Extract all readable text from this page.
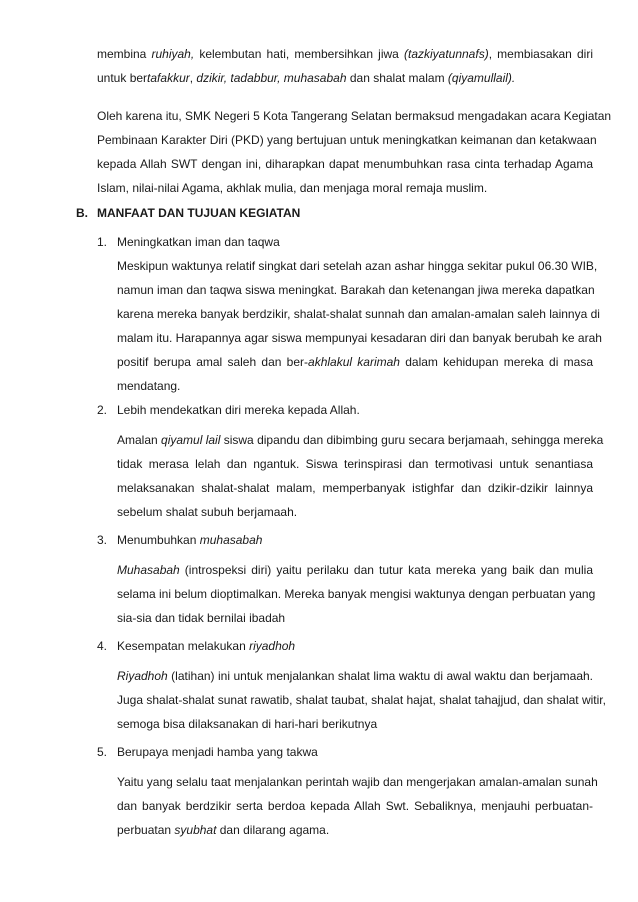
membina ruhiyah, kelembutan hati, membersihkan jiwa (tazkiyatunnafs), membiasakan diri
untuk bertafakkur, dzikir, tadabbur, muhasabah dan shalat malam (qiyamullail).
Oleh karena itu, SMK Negeri 5 Kota Tangerang Selatan bermaksud mengadakan acara Kegiatan
Pembinaan Karakter Diri (PKD) yang bertujuan untuk meningkatkan keimanan dan ketakwaan
kepada Allah SWT dengan ini, diharapkan dapat menumbuhkan rasa cinta terhadap Agama
Islam, nilai-nilai Agama, akhlak mulia, dan menjaga moral remaja muslim.
B. MANFAAT DAN TUJUAN KEGIATAN
1. Meningkatkan iman dan taqwa
Meskipun waktunya relatif singkat dari setelah azan ashar hingga sekitar pukul 06.30 WIB,
namun iman dan taqwa siswa meningkat. Barakah dan ketenangan jiwa mereka dapatkan
karena mereka banyak berdzikir, shalat-shalat sunnah dan amalan-amalan saleh lainnya di
malam itu. Harapannya agar siswa mempunyai kesadaran diri dan banyak berubah ke arah
positif berupa amal saleh dan ber-akhlakul karimah dalam kehidupan mereka di masa
mendatang.
2. Lebih mendekatkan diri mereka kepada Allah.
Amalan qiyamul lail siswa dipandu dan dibimbing guru secara berjamaah, sehingga mereka
tidak merasa lelah dan ngantuk. Siswa terinspirasi dan termotivasi untuk senantiasa
melaksanakan shalat-shalat malam, memperbanyak istighfar dan dzikir-dzikir lainnya
sebelum shalat subuh berjamaah.
3. Menumbuhkan muhasabah
Muhasabah (introspeksi diri) yaitu perilaku dan tutur kata mereka yang baik dan mulia
selama ini belum dioptimalkan. Mereka banyak mengisi waktunya dengan perbuatan yang
sia-sia dan tidak bernilai ibadah
4. Kesempatan melakukan riyadhoh
Riyadhoh (latihan) ini untuk menjalankan shalat lima waktu di awal waktu dan berjamaah.
Juga shalat-shalat sunat rawatib, shalat taubat, shalat hajat, shalat tahajjud, dan shalat witir,
semoga bisa dilaksanakan di hari-hari berikutnya
5. Berupaya menjadi hamba yang takwa
Yaitu yang selalu taat menjalankan perintah wajib dan mengerjakan amalan-amalan sunah
dan banyak berdzikir serta berdoa kepada Allah Swt. Sebaliknya, menjauhi perbuatan-
perbuatan syubhat dan dilarang agama.
